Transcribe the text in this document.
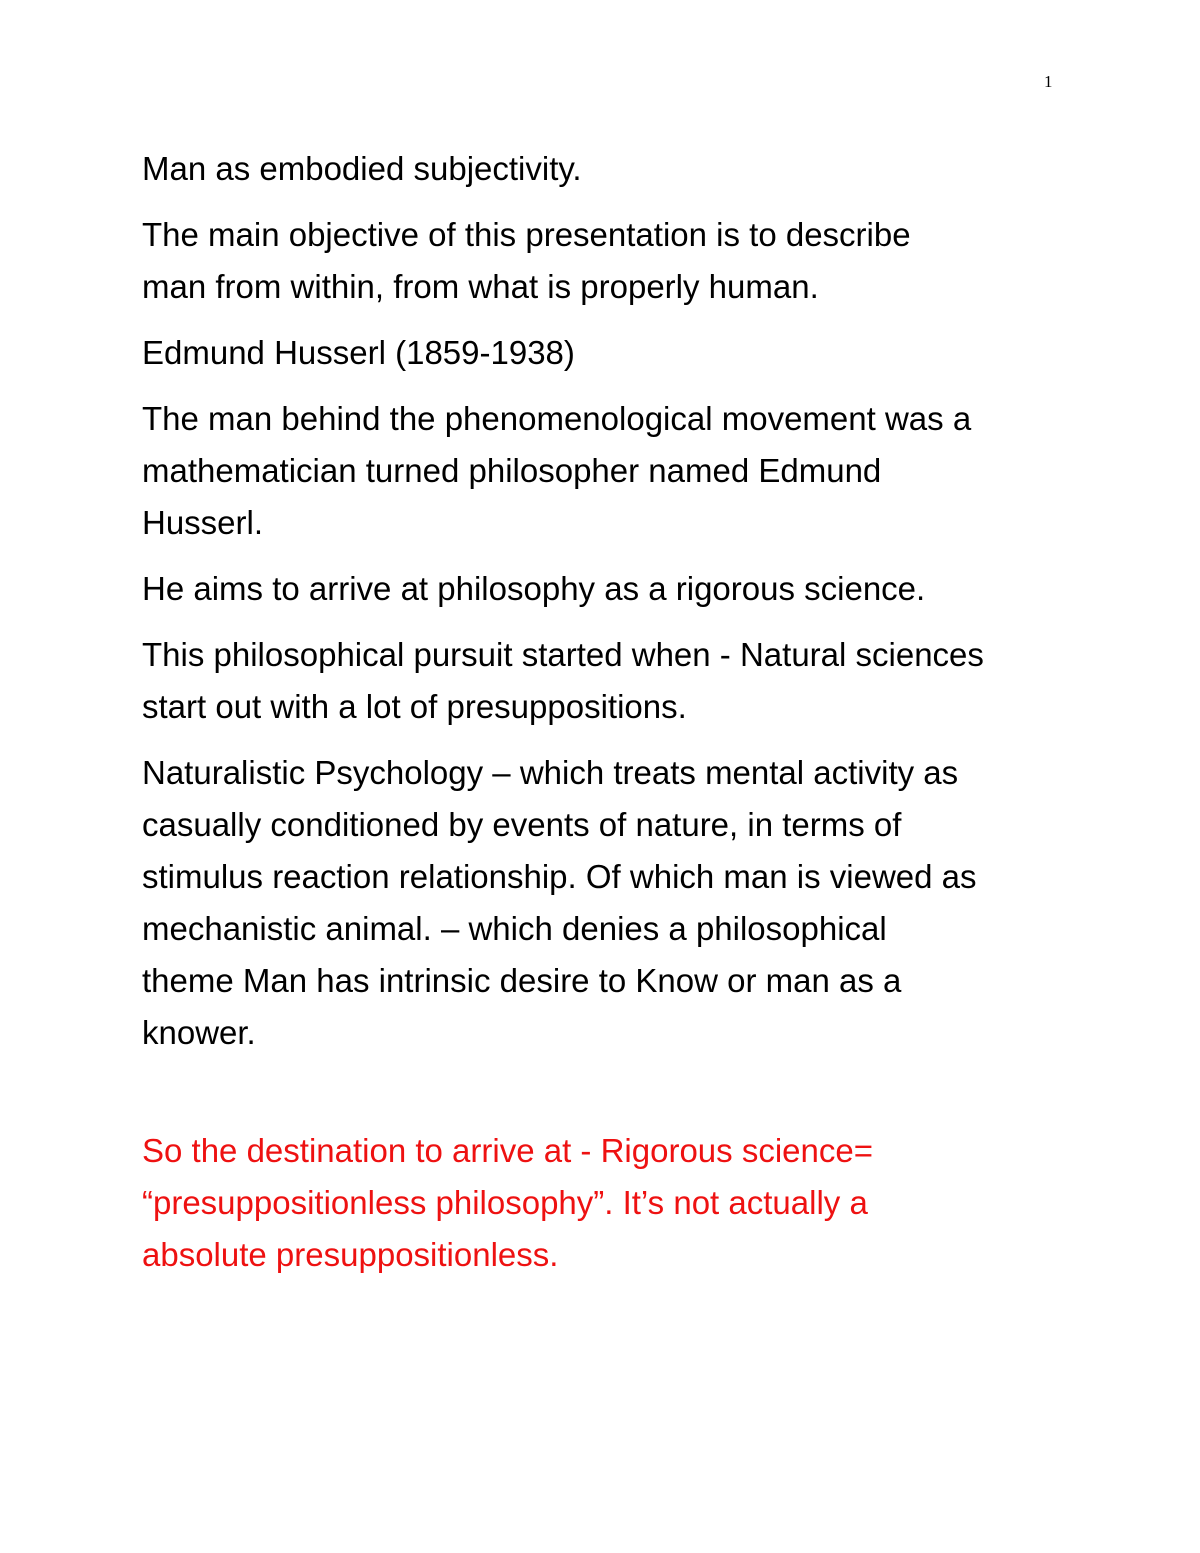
1

Man as embodied subjectivity.

The main objective of this presentation is to describe
man from within, from what is properly human.

Edmund Husserl (1859-1938)

The man behind the phenomenological movement was a
mathematician turned philosopher named Edmund
Husserl.

He aims to arrive at philosophy as a rigorous science.

This philosophical pursuit started when - Natural sciences
start out with a lot of presuppositions.

Naturalistic Psychology – which treats mental activity as
casually conditioned by events of nature, in terms of
stimulus reaction relationship. Of which man is viewed as
mechanistic animal. – which denies a philosophical
theme Man has intrinsic desire to Know or man as a
knower.

So the destination to arrive at - Rigorous science=
“presuppositionless philosophy”. It’s not actually a
absolute presuppositionless.
